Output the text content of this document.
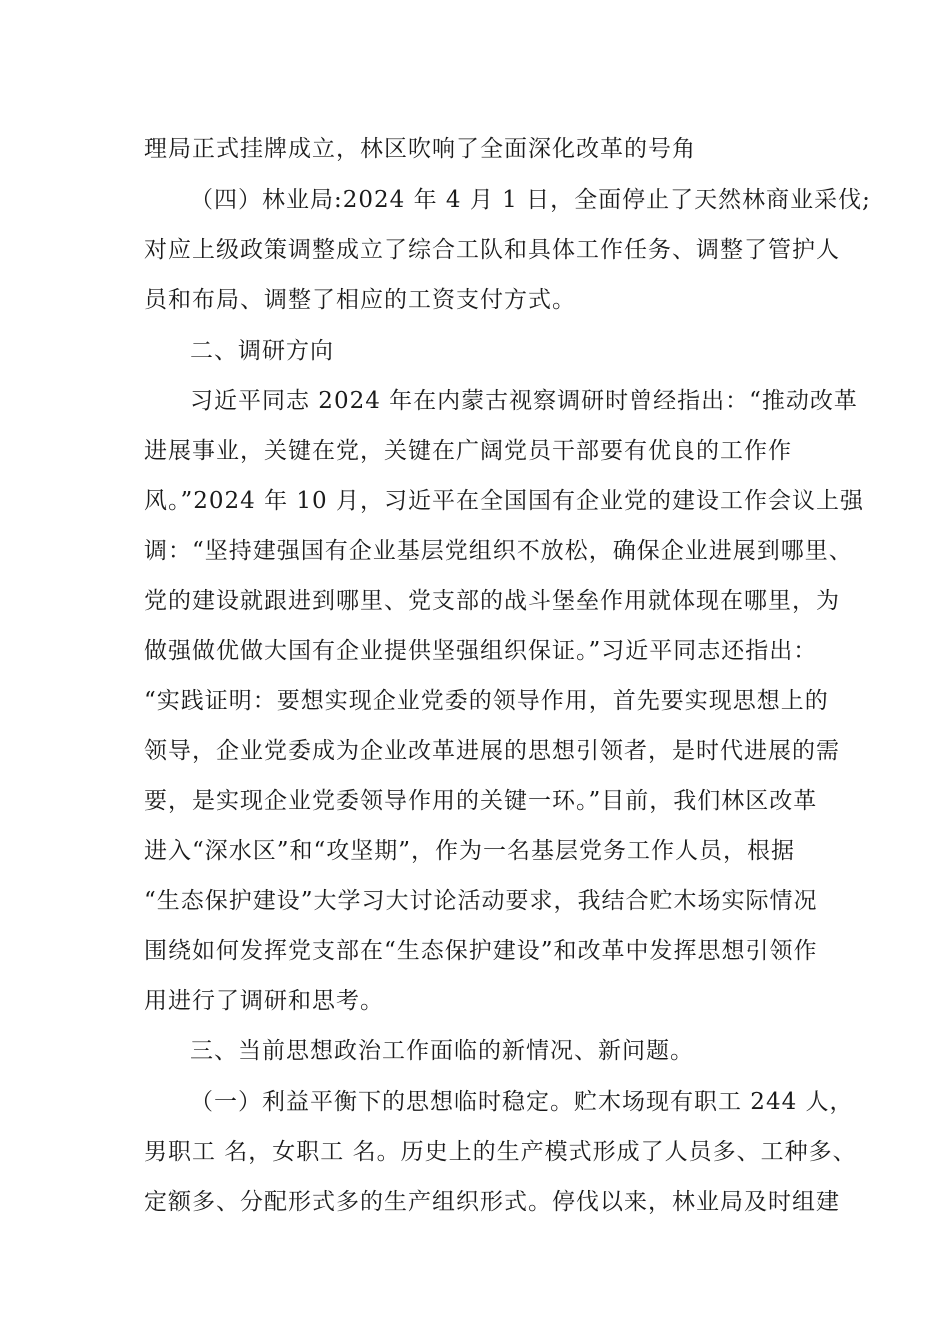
理局正式挂牌成立，林区吹响了全面深化改革的号角
（四）林业局:2024 年 4 月 1 日，全面停止了天然林商业采伐;
对应上级政策调整成立了综合工队和具体工作任务、调整了管护人
员和布局、调整了相应的工资支付方式。
二、调研方向
习近平同志 2024 年在内蒙古视察调研时曾经指出：“推动改革
进展事业，关键在党，关键在广阔党员干部要有优良的工作作
风。”2024 年 10 月，习近平在全国国有企业党的建设工作会议上强
调：“坚持建强国有企业基层党组织不放松，确保企业进展到哪里、
党的建设就跟进到哪里、党支部的战斗堡垒作用就体现在哪里，为
做强做优做大国有企业提供坚强组织保证。”习近平同志还指出：
“实践证明：要想实现企业党委的领导作用，首先要实现思想上的
领导，企业党委成为企业改革进展的思想引领者，是时代进展的需
要，是实现企业党委领导作用的关键一环。”目前，我们林区改革
进入“深水区”和“攻坚期”，作为一名基层党务工作人员，根据
“生态保护建设”大学习大讨论活动要求，我结合贮木场实际情况
围绕如何发挥党支部在“生态保护建设”和改革中发挥思想引领作
用进行了调研和思考。
三、当前思想政治工作面临的新情况、新问题。
（一）利益平衡下的思想临时稳定。贮木场现有职工 244 人，
男职工 名，女职工 名。历史上的生产模式形成了人员多、工种多、
定额多、分配形式多的生产组织形式。停伐以来，林业局及时组建
